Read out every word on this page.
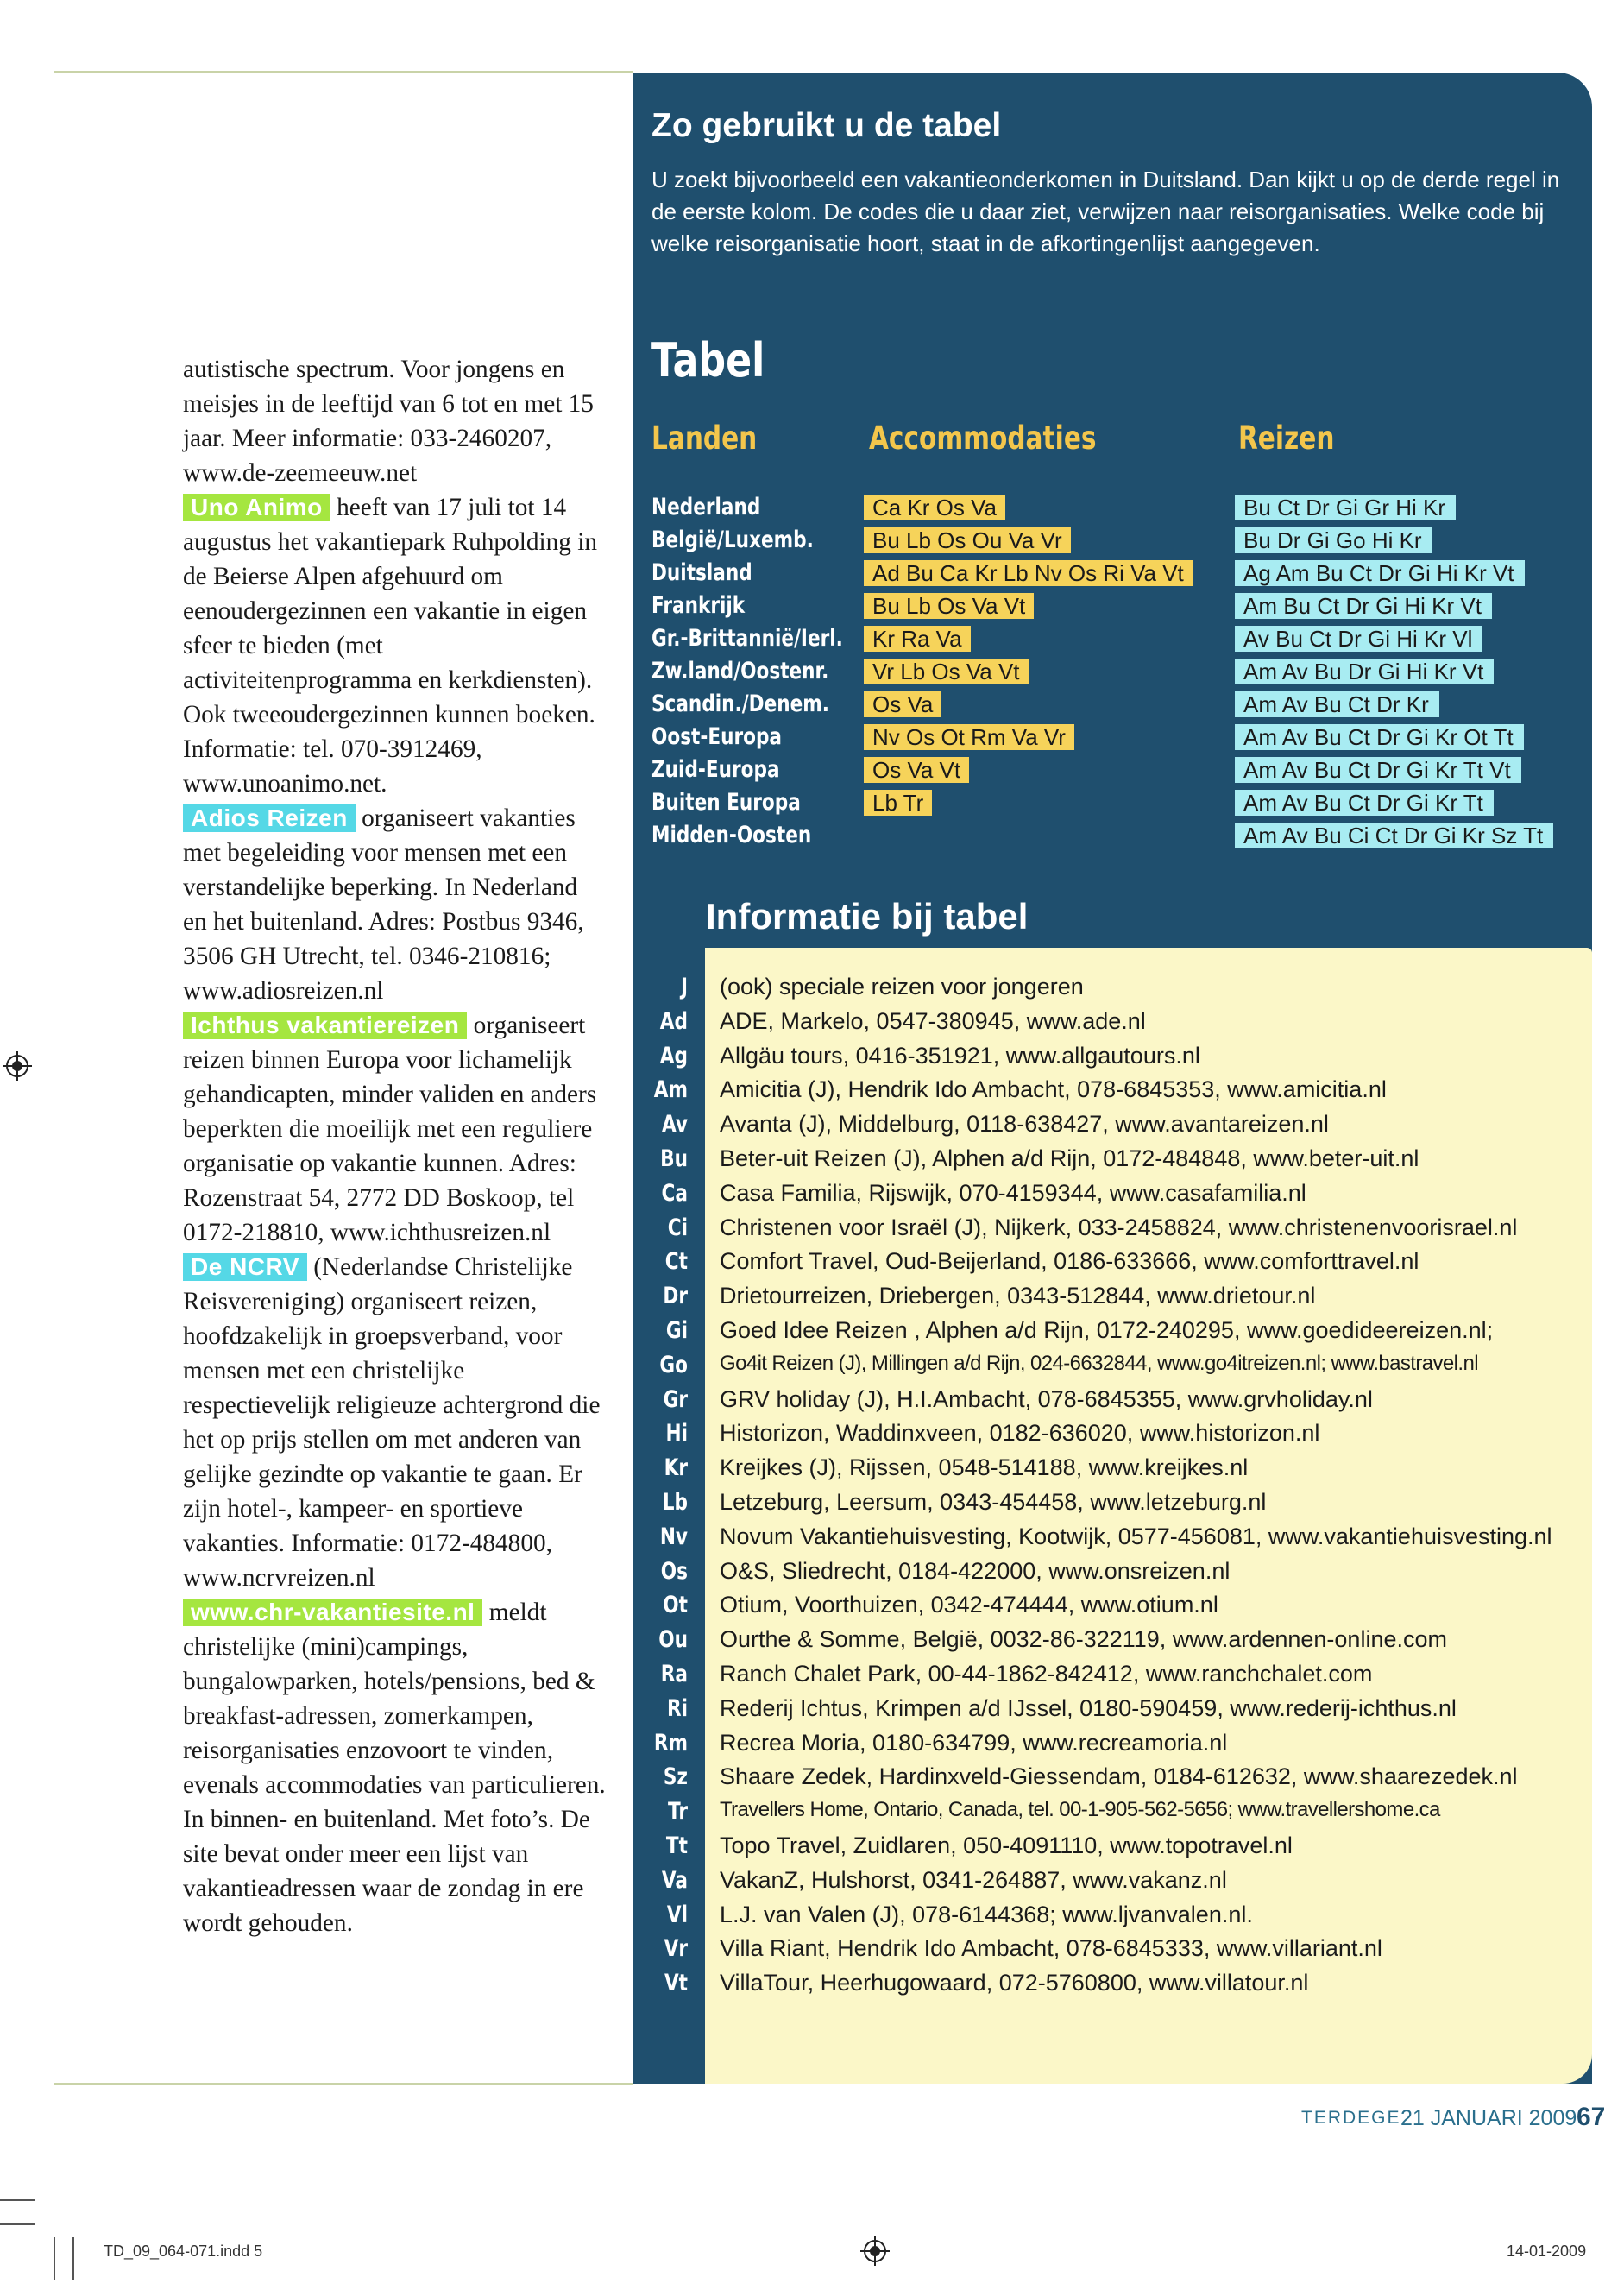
autistische spectrum. Voor jongens en meisjes in de leeftijd van 6 tot en met 15 jaar. Meer informatie: 033-2460207, www.de-zeemeeuw.net

Uno Animo heeft van 17 juli tot 14 augustus het vakantiepark Ruhpolding in de Beierse Alpen afgehuurd om eenoudergezinnen een vakantie in eigen sfeer te bieden (met activiteitenprogramma en kerkdiensten). Ook tweeoudergezinnen kunnen boeken. Informatie: tel. 070-3912469, www.unoanimo.net.

Adios Reizen organiseert vakanties met begeleiding voor mensen met een verstandelijke beperking. In Nederland en het buitenland. Adres: Postbus 9346, 3506 GH Utrecht, tel. 0346-210816; www.adiosreizen.nl

Ichthus vakantiereizen organiseert reizen binnen Europa voor lichamelijk gehandicapten, minder validen en anders beperkten die moeilijk met een reguliere organisatie op vakantie kunnen. Adres: Rozenstraat 54, 2772 DD Boskoop, tel 0172-218810, www.ichthusreizen.nl

De NCRV (Nederlandse Christelijke Reisvereniging) organiseert reizen, hoofdzakelijk in groepsverband, voor mensen met een christelijke respectievelijk religieuze achtergrond die het op prijs stellen om met anderen van gelijke gezindte op vakantie te gaan. Er zijn hotel-, kampeer- en sportieve vakanties. Informatie: 0172-484800, www.ncrvreizen.nl

www.chr-vakantiesite.nl meldt christelijke (mini)campings, bungalowparken, hotels/pensions, bed & breakfast-adressen, zomerkampen, reisorganisaties enzovoort te vinden, evenals accommodaties van particulieren. In binnen- en buitenland. Met foto’s. De site bevat onder meer een lijst van vakantieadressen waar de zondag in ere wordt gehouden.

Zo gebruikt u de tabel
U zoekt bijvoorbeeld een vakantieonderkomen in Duitsland. Dan kijkt u op de derde regel in de eerste kolom. De codes die u daar ziet, verwijzen naar reisorganisaties. Welke code bij welke reisorganisatie hoort, staat in de afkortingenlijst aangegeven.
Tabel
Landen	Accommodaties	Reizen
Nederland	Ca Kr Os Va	Bu Ct Dr Gi Gr Hi Kr
België/Luxemb.	Bu Lb Os Ou Va Vr	Bu Dr Gi Go Hi Kr
Duitsland	Ad Bu Ca Kr Lb Nv Os Ri Va Vt	Ag Am Bu Ct Dr Gi Hi Kr Vt
Frankrijk	Bu Lb Os Va Vt	Am Bu Ct Dr Gi Hi Kr Vt
Gr.-Brittannië/Ierl.	Kr Ra Va	Av Bu Ct Dr Gi Hi Kr Vl
Zw.land/Oostenr.	Vr Lb Os Va Vt	Am Av Bu Dr Gi Hi Kr Vt
Scandin./Denem.	Os Va	Am Av Bu Ct Dr Kr
Oost-Europa	Nv Os Ot Rm Va Vr	Am Av Bu Ct Dr Gi Kr Ot Tt
Zuid-Europa	Os Va Vt	Am Av Bu Ct Dr Gi Kr Tt Vt
Buiten Europa	Lb Tr	Am Av Bu Ct Dr Gi Kr Tt
Midden-Oosten	Am Av Bu Ci Ct Dr Gi Kr Sz Tt
Informatie bij tabel
J (ook) speciale reizen voor jongeren
Ad ADE, Markelo, 0547-380945, www.ade.nl
Ag Allgäu tours, 0416-351921, www.allgautours.nl
Am Amicitia (J), Hendrik Ido Ambacht, 078-6845353, www.amicitia.nl
Av Avanta (J), Middelburg, 0118-638427, www.avantareizen.nl
Bu Beter-uit Reizen (J), Alphen a/d Rijn, 0172-484848, www.beter-uit.nl
Ca Casa Familia, Rijswijk, 070-4159344, www.casafamilia.nl
Ci Christenen voor Israël (J), Nijkerk, 033-2458824, www.christenenvoorisrael.nl
Ct Comfort Travel, Oud-Beijerland, 0186-633666, www.comforttravel.nl
Dr Drietourreizen, Driebergen, 0343-512844, www.drietour.nl
Gi Goed Idee Reizen , Alphen a/d Rijn, 0172-240295, www.goedideereizen.nl;
Go Go4it Reizen (J), Millingen a/d Rijn, 024-6632844, www.go4itreizen.nl; www.bastravel.nl
Gr GRV holiday (J), H.I.Ambacht, 078-6845355, www.grvholiday.nl
Hi Historizon, Waddinxveen, 0182-636020, www.historizon.nl
Kr Kreijkes (J), Rijssen, 0548-514188, www.kreijkes.nl
Lb Letzeburg, Leersum, 0343-454458, www.letzeburg.nl
Nv Novum Vakantiehuisvesting, Kootwijk, 0577-456081, www.vakantiehuisvesting.nl
Os O&S, Sliedrecht, 0184-422000, www.onsreizen.nl
Ot Otium, Voorthuizen, 0342-474444, www.otium.nl
Ou Ourthe & Somme, België, 0032-86-322119, www.ardennen-online.com
Ra Ranch Chalet Park, 00-44-1862-842412, www.ranchchalet.com
Ri Rederij Ichtus, Krimpen a/d IJssel, 0180-590459, www.rederij-ichthus.nl
Rm Recrea Moria, 0180-634799, www.recreamoria.nl
Sz Shaare Zedek, Hardinxveld-Giessendam, 0184-612632, www.shaarezedek.nl
Tr Travellers Home, Ontario, Canada, tel. 00-1-905-562-5656; www.travellershome.ca
Tt Topo Travel, Zuidlaren, 050-4091110, www.topotravel.nl
Va VakanZ, Hulshorst, 0341-264887, www.vakanz.nl
Vl L.J. van Valen (J), 078-6144368; www.ljvanvalen.nl.
Vr Villa Riant, Hendrik Ido Ambacht, 078-6845333, www.villariant.nl
Vt VillaTour, Heerhugowaard, 072-5760800, www.villatour.nl
TERDEGE 21 JANUARI 2009 67
TD_09_064-071.indd 5	14-01-2009
